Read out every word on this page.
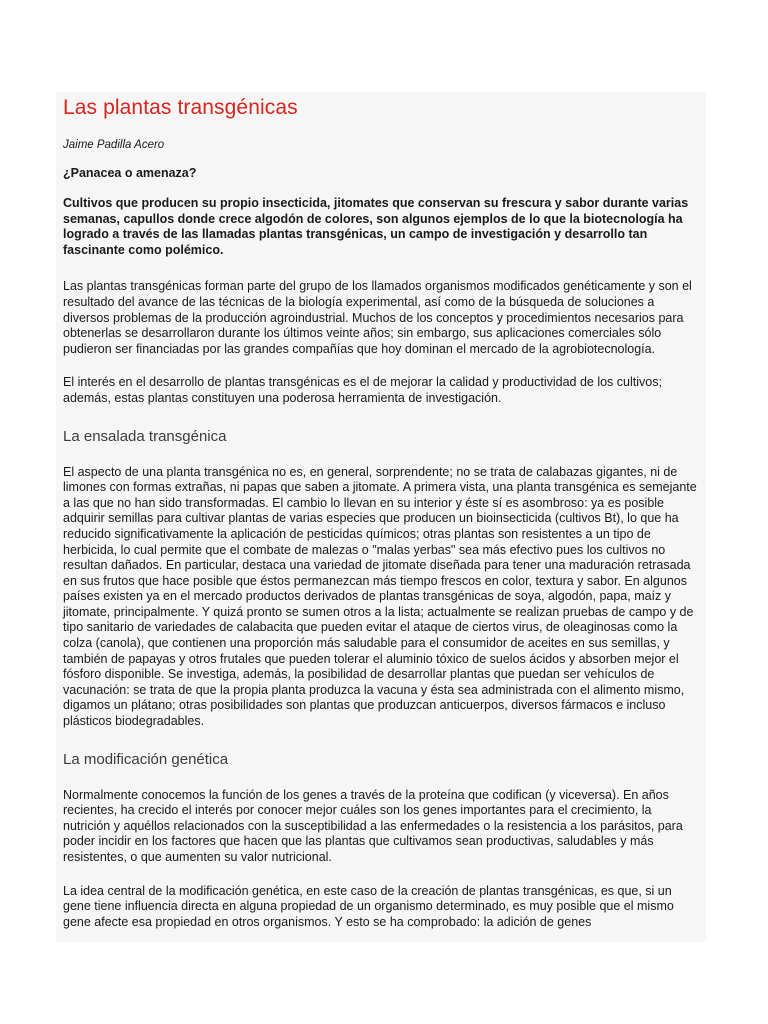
Las plantas transgénicas

Jaime Padilla Acero

¿Panacea o amenaza?

Cultivos que producen su propio insecticida, jitomates que conservan su frescura y sabor durante varias semanas, capullos donde crece algodón de colores, son algunos ejemplos de lo que la biotecnología ha logrado a través de las llamadas plantas transgénicas, un campo de investigación y desarrollo tan fascinante como polémico.

Las plantas transgénicas forman parte del grupo de los llamados organismos modificados genéticamente y son el resultado del avance de las técnicas de la biología experimental, así como de la búsqueda de soluciones a diversos problemas de la producción agroindustrial. Muchos de los conceptos y procedimientos necesarios para obtenerlas se desarrollaron durante los últimos veinte años; sin embargo, sus aplicaciones comerciales sólo pudieron ser financiadas por las grandes compañías que hoy dominan el mercado de la agrobiotecnología.

El interés en el desarrollo de plantas transgénicas es el de mejorar la calidad y productividad de los cultivos; además, estas plantas constituyen una poderosa herramienta de investigación.

La ensalada transgénica

El aspecto de una planta transgénica no es, en general, sorprendente; no se trata de calabazas gigantes, ni de limones con formas extrañas, ni papas que saben a jitomate. A primera vista, una planta transgénica es semejante a las que no han sido transformadas. El cambio lo llevan en su interior y éste sí es asombroso: ya es posible adquirir semillas para cultivar plantas de varias especies que producen un bioinsecticida (cultivos Bt), lo que ha reducido significativamente la aplicación de pesticidas químicos; otras plantas son resistentes a un tipo de herbicida, lo cual permite que el combate de malezas o "malas yerbas" sea más efectivo pues los cultivos no resultan dañados. En particular, destaca una variedad de jitomate diseñada para tener una maduración retrasada en sus frutos que hace posible que éstos permanezcan más tiempo frescos en color, textura y sabor. En algunos países existen ya en el mercado productos derivados de plantas transgénicas de soya, algodón, papa, maíz y jitomate, principalmente. Y quizá pronto se sumen otros a la lista; actualmente se realizan pruebas de campo y de tipo sanitario de variedades de calabacita que pueden evitar el ataque de ciertos virus, de oleaginosas como la colza (canola), que contienen una proporción más saludable para el consumidor de aceites en sus semillas, y también de papayas y otros frutales que pueden tolerar el aluminio tóxico de suelos ácidos y absorben mejor el fósforo disponible. Se investiga, además, la posibilidad de desarrollar plantas que puedan ser vehículos de vacunación: se trata de que la propia planta produzca la vacuna y ésta sea administrada con el alimento mismo, digamos un plátano; otras posibilidades son plantas que produzcan anticuerpos, diversos fármacos e incluso plásticos biodegradables.

La modificación genética

Normalmente conocemos la función de los genes a través de la proteína que codifican (y viceversa). En años recientes, ha crecido el interés por conocer mejor cuáles son los genes importantes para el crecimiento, la nutrición y aquéllos relacionados con la susceptibilidad a las enfermedades o la resistencia a los parásitos, para poder incidir en los factores que hacen que las plantas que cultivamos sean productivas, saludables y más resistentes, o que aumenten su valor nutricional.

La idea central de la modificación genética, en este caso de la creación de plantas transgénicas, es que, si un gene tiene influencia directa en alguna propiedad de un organismo determinado, es muy posible que el mismo gene afecte esa propiedad en otros organismos. Y esto se ha comprobado: la adición de genes
